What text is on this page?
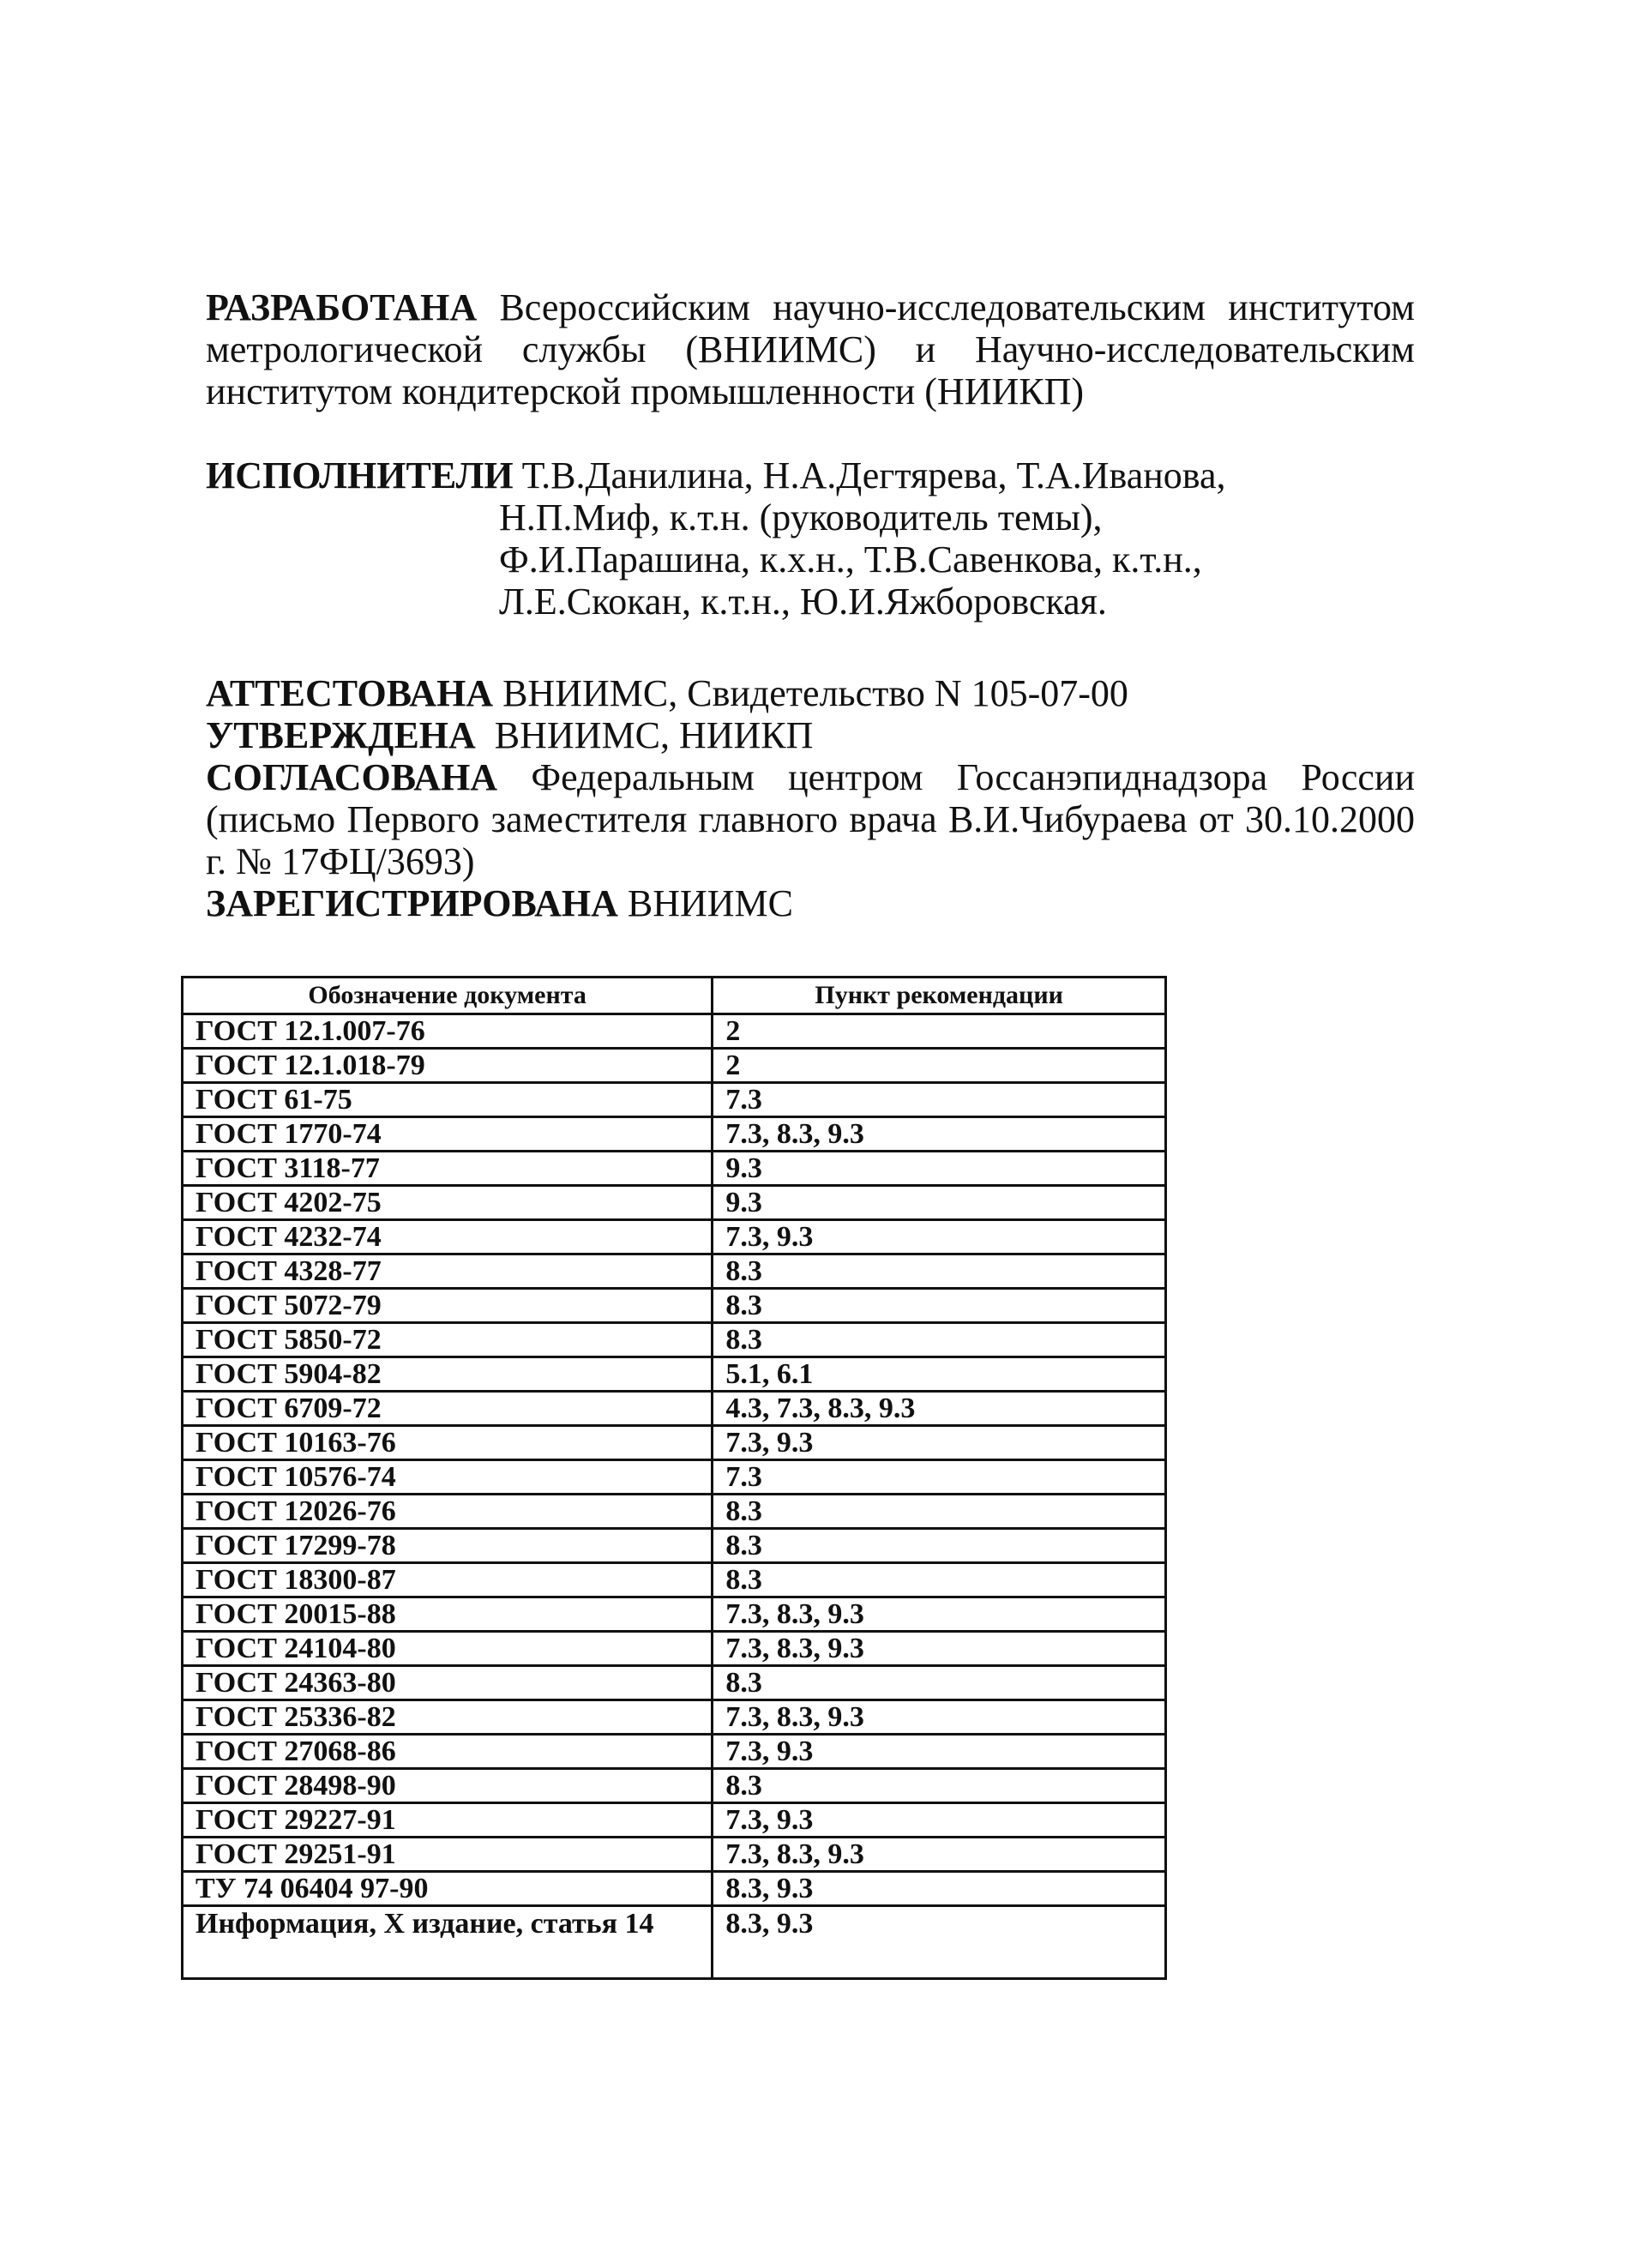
РАЗРАБОТАНА Всероссийским научно-исследовательским институтом метрологической службы (ВНИИМС) и Научно-исследовательским институтом кондитерской промышленности (НИИКП)
ИСПОЛНИТЕЛИ Т.В.Данилина, Н.А.Дегтярева, Т.А.Иванова,
Н.П.Миф, к.т.н. (руководитель темы),
Ф.И.Парашина, к.х.н., Т.В.Савенкова, к.т.н.,
Л.Е.Скокан, к.т.н., Ю.И.Яжборовская.
АТТЕСТОВАНА ВНИИМС, Свидетельство N 105-07-00
УТВЕРЖДЕНА ВНИИМС, НИИКП
СОГЛАСОВАНА Федеральным центром Госсанэпиднадзора России (письмо Первого заместителя главного врача В.И.Чибураева от 30.10.2000 г. № 17ФЦ/3693)
ЗАРЕГИСТРИРОВАНА ВНИИМС
Обозначение документа	Пункт рекомендации
ГОСТ 12.1.007-76	2
ГОСТ 12.1.018-79	2
ГОСТ 61-75	7.3
ГОСТ 1770-74	7.3, 8.3, 9.3
ГОСТ 3118-77	9.3
ГОСТ 4202-75	9.3
ГОСТ 4232-74	7.3, 9.3
ГОСТ 4328-77	8.3
ГОСТ 5072-79	8.3
ГОСТ 5850-72	8.3
ГОСТ 5904-82	5.1, 6.1
ГОСТ 6709-72	4.3, 7.3, 8.3, 9.3
ГОСТ 10163-76	7.3, 9.3
ГОСТ 10576-74	7.3
ГОСТ 12026-76	8.3
ГОСТ 17299-78	8.3
ГОСТ 18300-87	8.3
ГОСТ 20015-88	7.3, 8.3, 9.3
ГОСТ 24104-80	7.3, 8.3, 9.3
ГОСТ 24363-80	8.3
ГОСТ 25336-82	7.3, 8.3, 9.3
ГОСТ 27068-86	7.3, 9.3
ГОСТ 28498-90	8.3
ГОСТ 29227-91	7.3, 9.3
ГОСТ 29251-91	7.3, 8.3, 9.3
ТУ 74 06404 97-90	8.3, 9.3
Информация, Х издание, статья 14	8.3, 9.3
